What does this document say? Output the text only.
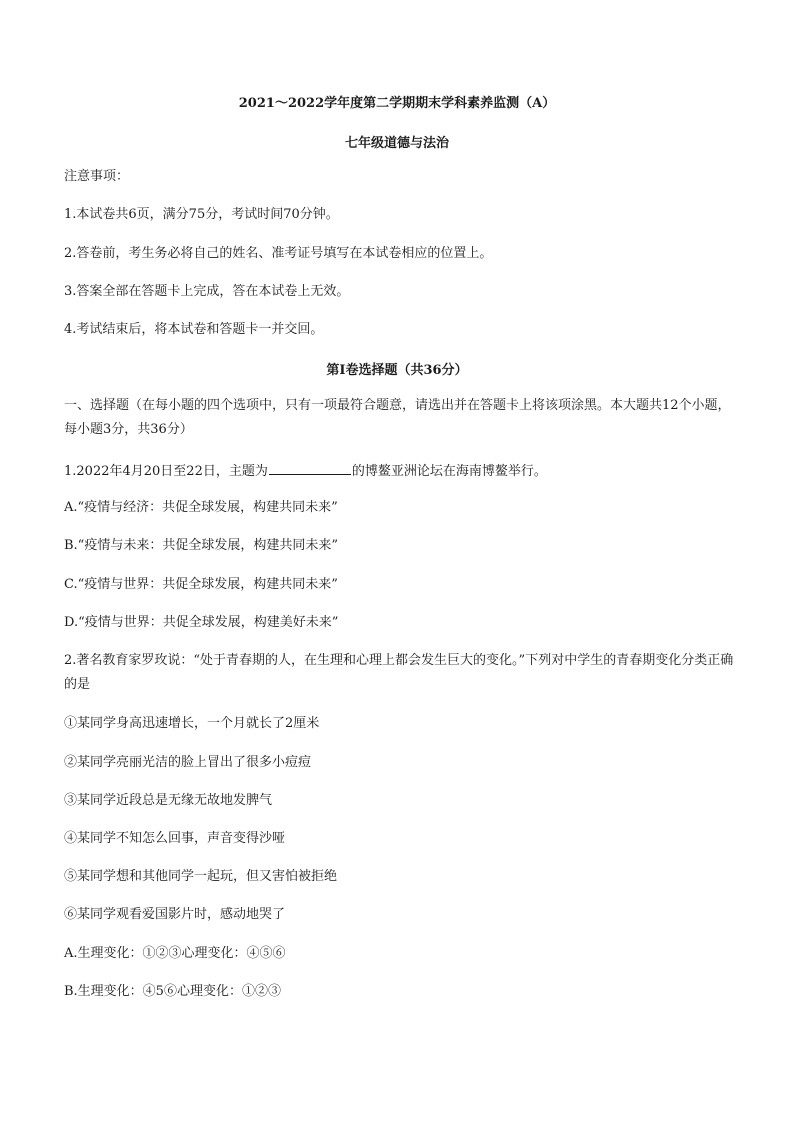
2021～2022学年度第二学期期末学科素养监测（A）
七年级道德与法治
注意事项：
1.本试卷共6页，满分75分，考试时间70分钟。
2.答卷前，考生务必将自己的姓名、准考证号填写在本试卷相应的位置上。
3.答案全部在答题卡上完成，答在本试卷上无效。
4.考试结束后，将本试卷和答题卡一并交回。
第I卷选择题（共36分）
一、选择题（在每小题的四个选项中，只有一项最符合题意，请选出并在答题卡上将该项涂黑。本大题共12个小题，每小题3分，共36分）
1.2022年4月20日至22日，主题为	的博鳌亚洲论坛在海南博鳌举行。
A.“疫情与经济：共促全球发展，构建共同未来”
B.“疫情与未来：共促全球发展，构建共同未来”
C.“疫情与世界：共促全球发展，构建共同未来”
D.“疫情与世界：共促全球发展，构建美好未来”
2.著名教育家罗玫说：“处于青春期的人，在生理和心理上都会发生巨大的变化。”下列对中学生的青春期变化分类正确的是
①某同学身高迅速增长，一个月就长了2厘米
②某同学亮丽光洁的脸上冒出了很多小痘痘
③某同学近段总是无缘无故地发脾气
④某同学不知怎么回事，声音变得沙哑
⑤某同学想和其他同学一起玩，但又害怕被拒绝
⑥某同学观看爱国影片时，感动地哭了
A.生理变化：①②③心理变化：④⑤⑥
B.生理变化：④5⑥心理变化：①②③
